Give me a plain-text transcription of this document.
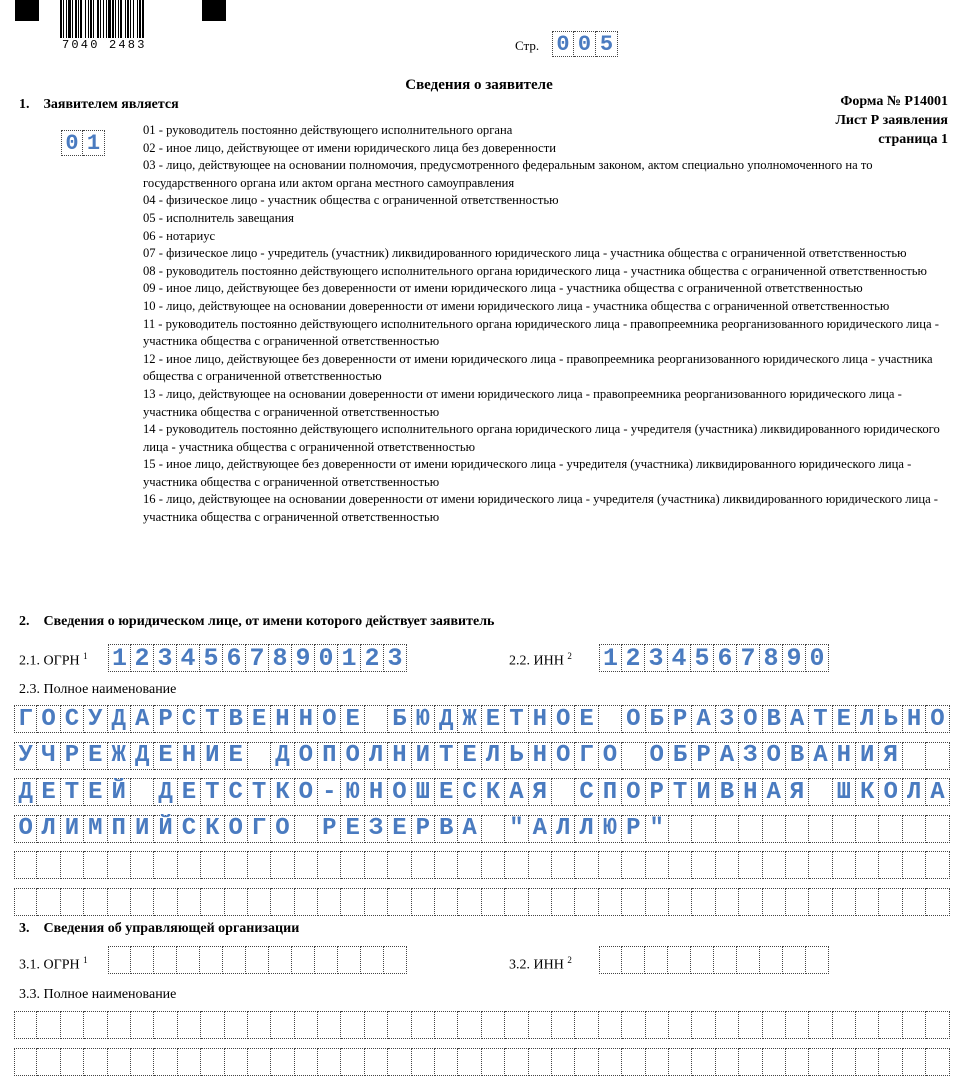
7040 2483	Стр. 0 0 5
Сведения о заявителе
Форма № Р14001
Лист Р заявления
страница 1
1.    Заявителем является
0 1

01 - руководитель постоянно действующего исполнительного органа

02 - иное лицо, действующее от имени юридического лица без доверенности

03 - лицо, действующее на основании полномочия, предусмотренного федеральным законом, актом специально уполномоченного на то государственного органа или актом органа местного самоуправления

04 - физическое лицо - участник общества с ограниченной ответственностью

05 - исполнитель завещания

06 - нотариус

07 - физическое лицо - учредитель (участник) ликвидированного юридического лица - участника общества с ограниченной ответственностью

08 - руководитель постоянно действующего исполнительного органа юридического лица - участника общества с ограниченной ответственностью

09 - иное лицо, действующее без доверенности от имени юридического лица - участника общества с ограниченной ответственностью

10 - лицо, действующее на основании доверенности от имени юридического лица - участника общества с ограниченной ответственностью

11 - руководитель постоянно действующего исполнительного органа юридического лица - правопреемника реорганизованного юридического лица - участника общества с ограниченной ответственностью

12 - иное лицо, действующее без доверенности от имени юридического лица - правопреемника реорганизованного юридического лица - участника общества с ограниченной ответственностью

13 - лицо, действующее на основании доверенности от имени юридического лица - правопреемника реорганизованного юридического лица - участника общества с ограниченной ответственностью

14 - руководитель постоянно действующего исполнительного органа юридического лица - учредителя (участника) ликвидированного юридического лица - участника общества с ограниченной ответственностью

15 - иное лицо, действующее без доверенности от имени юридического лица - учредителя (участника) ликвидированного юридического лица - участника общества с ограниченной ответственностью

16 - лицо, действующее на основании доверенности от имени юридического лица - учредителя (участника) ликвидированного юридического лица - участника общества с ограниченной ответственностью

2.    Сведения о юридическом лице, от имени которого действует заявитель
2.1. ОГРН $^1$ 1 2 3 4 5 6 7 8 9 0 1 2 3	2.2. ИНН $^2$ 1 2 3 4 5 6 7 8 9 0
2.3. Полное наименование
Г О С У Д А Р С Т В Е Н Н О Е Б Ю Д Ж Е Т Н О Е О Б Р А З О В А Т Е Л Ь Н О
У Ч Р Е Ж Д Е Н И Е Д О П О Л Н И Т Е Л Ь Н О Г О О Б Р А З О В А Н И Я
Д Е Т Е Й Д Е Т С Т К О - Ю Н О Ш Е С К А Я С П О Р Т И В Н А Я Ш К О Л А
О Л И М П И Й С К О Г О Р Е З Е Р В А " А Л Л Ю Р "
3.    Сведения об управляющей организации
3.1. ОГРН $^1$	3.2. ИНН $^2$
3.3. Полное наименование
